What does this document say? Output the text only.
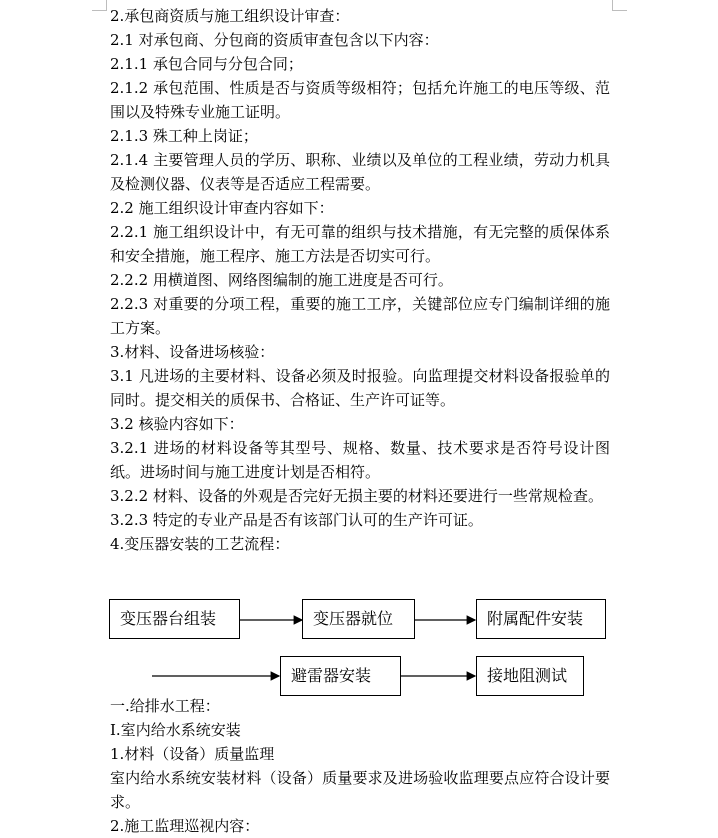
2.承包商资质与施工组织设计审查：

2.1 对承包商、分包商的资质审查包含以下内容：

2.1.1 承包合同与分包合同；

2.1.2 承包范围、性质是否与资质等级相符；包括允许施工的电压等级、范围以及特殊专业施工证明。

2.1.3 殊工种上岗证；

2.1.4 主要管理人员的学历、职称、业绩以及单位的工程业绩，劳动力机具及检测仪器、仪表等是否适应工程需要。

2.2 施工组织设计审查内容如下：

2.2.1 施工组织设计中，有无可靠的组织与技术措施，有无完整的质保体系和安全措施，施工程序、施工方法是否切实可行。

2.2.2 用横道图、网络图编制的施工进度是否可行。

2.2.3 对重要的分项工程，重要的施工工序，关键部位应专门编制详细的施工方案。

3.材料、设备进场核验：

3.1 凡进场的主要材料、设备必须及时报验。向监理提交材料设备报验单的同时。提交相关的质保书、合格证、生产许可证等。

3.2 核验内容如下：

3.2.1 进场的材料设备等其型号、规格、数量、技术要求是否符号设计图纸。进场时间与施工进度计划是否相符。

3.2.2 材料、设备的外观是否完好无损主要的材料还要进行一些常规检查。

3.2.3 特定的专业产品是否有该部门认可的生产许可证。

4.变压器安装的工艺流程：

变压器台组装	变压器就位	附属配件安装
避雷器安装	接地阻测试

一.给排水工程：

I.室内给水系统安装

1.材料（设备）质量监理

室内给水系统安装材料（设备）质量要求及进场验收监理要点应符合设计要求。

2.施工监理巡视内容：
